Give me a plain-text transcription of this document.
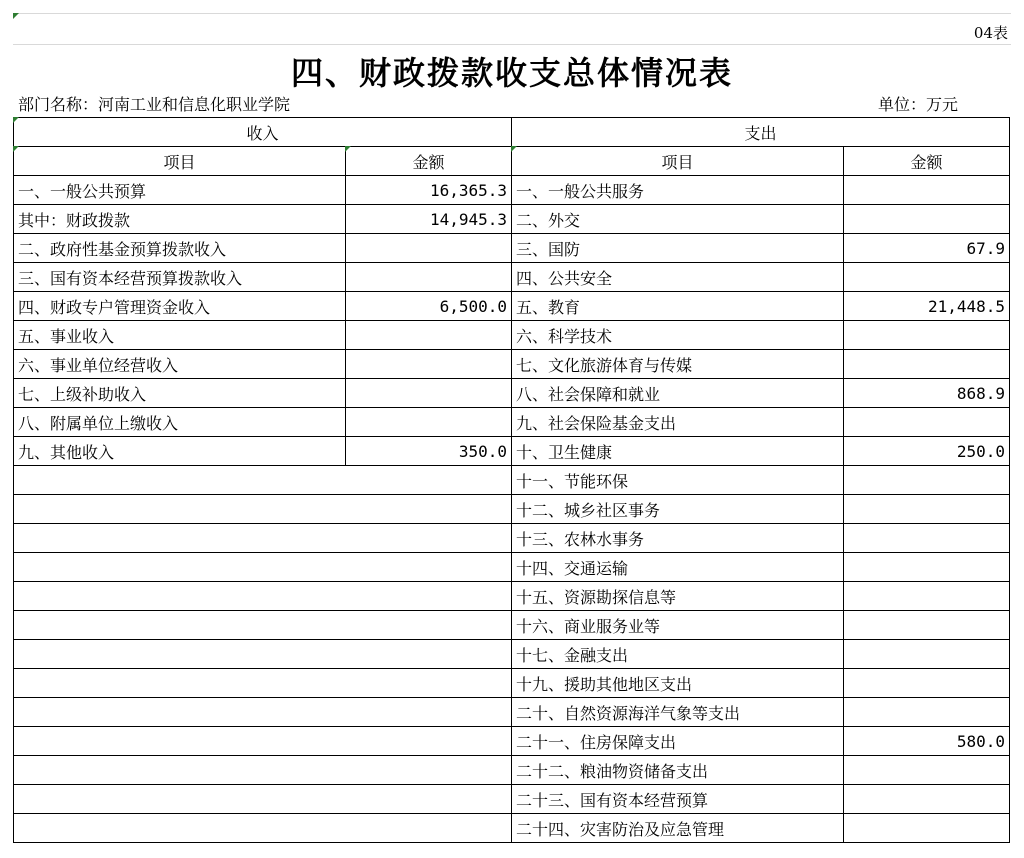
04表
四、财政拨款收支总体情况表
部门名称：河南工业和信息化职业学院	单位：万元
收入		支出	
项目	金额	项目	金额
一、一般公共预算	16,365.3	一、一般公共服务	
其中：财政拨款	14,945.3	二、外交	
二、政府性基金预算拨款收入		三、国防	67.9
三、国有资本经营预算拨款收入		四、公共安全	
四、财政专户管理资金收入	6,500.0	五、教育	21,448.5
五、事业收入		六、科学技术	
六、事业单位经营收入		七、文化旅游体育与传媒	
七、上级补助收入		八、社会保障和就业	868.9
八、附属单位上缴收入		九、社会保险基金支出	
九、其他收入	350.0	十、卫生健康	250.0
		十一、节能环保	
		十二、城乡社区事务	
		十三、农林水事务	
		十四、交通运输	
		十五、资源勘探信息等	
		十六、商业服务业等	
		十七、金融支出	
		十九、援助其他地区支出	
		二十、自然资源海洋气象等支出	
		二十一、住房保障支出	580.0
		二十二、粮油物资储备支出	
		二十三、国有资本经营预算	
		二十四、灾害防治及应急管理	
